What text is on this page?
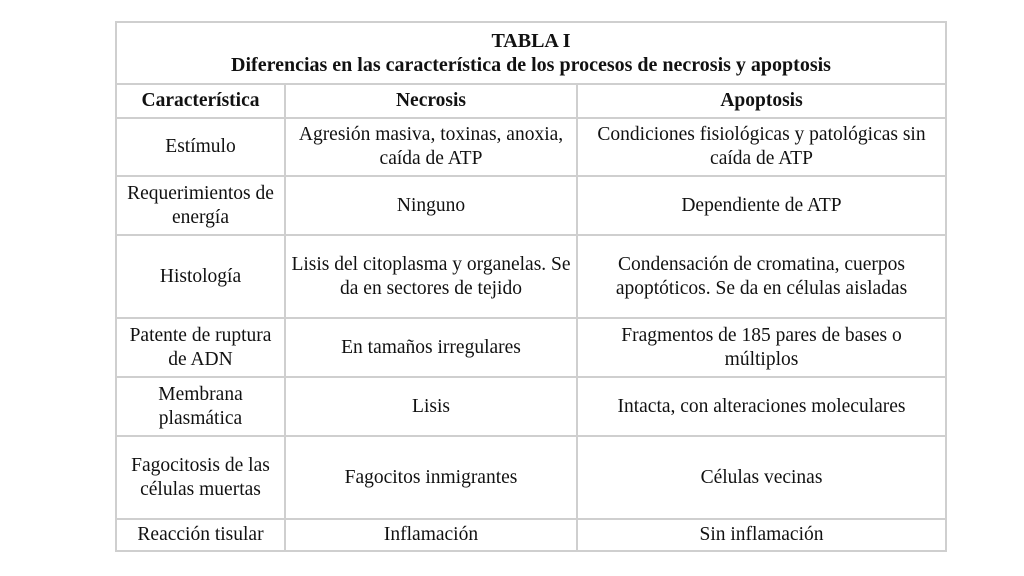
TABLA I
Diferencias en las característica de los procesos de necrosis y apoptosis		

Característica	Necrosis	Apoptosis
Estímulo	Agresión masiva, toxinas, anoxia, caída de ATP	Condiciones fisiológicas y patológicas sin caída de ATP
Requerimientos de energía	Ninguno	Dependiente de ATP
Histología	Lisis del citoplasma y organelas. Se da en sectores de tejido	Condensación de cromatina, cuerpos apoptóticos. Se da en células aisladas
Patente de ruptura de ADN	En tamaños irregulares	Fragmentos de 185 pares de bases o múltiplos
Membrana plasmática	Lisis	Intacta, con alteraciones moleculares
Fagocitosis de las células muertas	Fagocitos inmigrantes	Células vecinas
Reacción tisular	Inflamación	Sin inflamación
